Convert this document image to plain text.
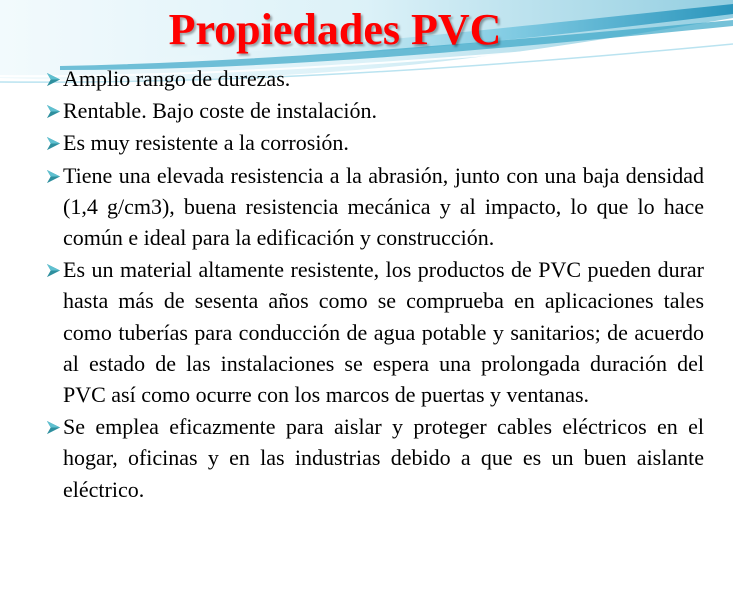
Propiedades PVC
Amplio rango de durezas.
Rentable. Bajo coste de instalación.
Es muy resistente a la corrosión.
Tiene una elevada resistencia a la abrasión, junto con una baja densidad (1,4 g/cm3), buena resistencia mecánica y al impacto, lo que lo hace común e ideal para la edificación y construcción.
Es un material altamente resistente, los productos de PVC pueden durar hasta más de sesenta años como se comprueba en aplicaciones tales como tuberías para conducción de agua potable y sanitarios; de acuerdo al estado de las instalaciones se espera una prolongada duración del PVC así como ocurre con los marcos de puertas y ventanas.
Se emplea eficazmente para aislar y proteger cables eléctricos en el hogar, oficinas y en las industrias debido a que es un buen aislante eléctrico.
